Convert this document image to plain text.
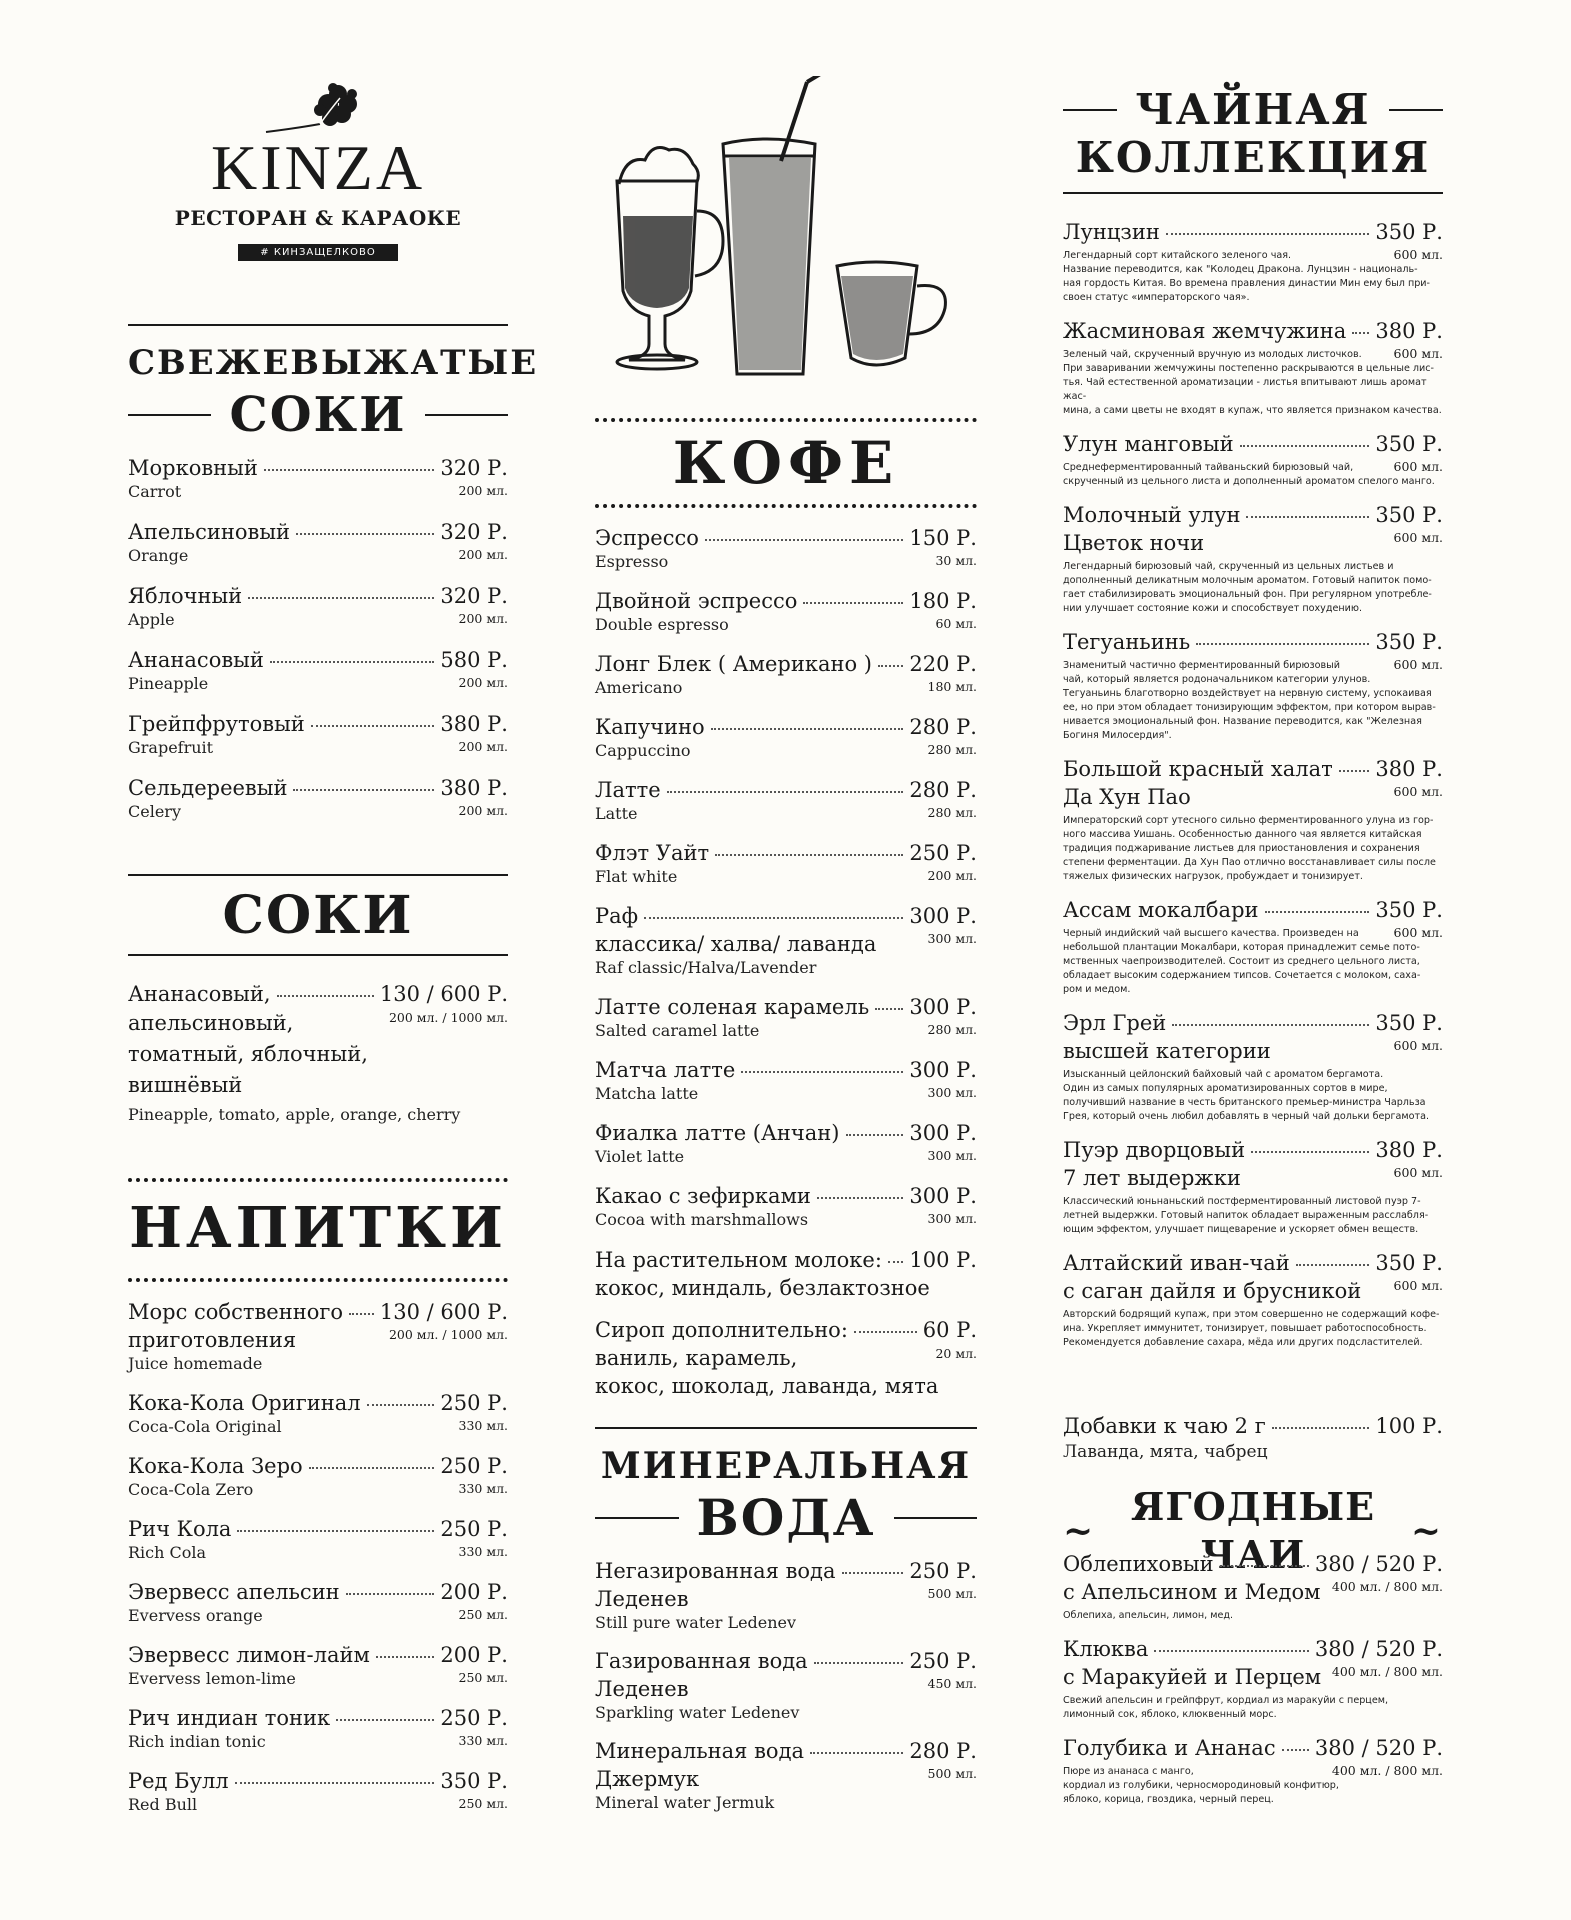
KINZA
РЕСТОРАН & КАРАОКЕ
# КИНЗАЩЕЛКОВО
СВЕЖЕВЫЖАТЫЕ
СОКИ
Морковный	320 Р.
200 мл.
Carrot
Апельсиновый	320 Р.
200 мл.
Orange
Яблочный	320 Р.
200 мл.
Apple
Ананасовый	580 Р.
200 мл.
Pineapple
Грейпфрутовый	380 Р.
200 мл.
Grapefruit
Сельдереевый	380 Р.
200 мл.
Celery
СОКИ
Ананасовый,	130 / 600 Р.
200 мл. / 1000 мл.
апельсиновый,
томатный, яблочный,
вишнёвый
Pineapple, tomato, apple, orange, cherry
НАПИТКИ
Морс собственного 130 / 600 Р.
200 мл. / 1000 мл.
приготовления
Juice homemade
Кока-Кола Оригинал	250 Р.
330 мл.
Coca-Cola Original
Кока-Кола Зеро	250 Р.
330 мл.
Coca-Cola Zero
Рич Кола	250 Р.
330 мл.
Rich Cola
Эвервесс апельсин	200 Р.
250 мл.
Evervess orange
Эвервесс лимон-лайм	200 Р.
250 мл.
Evervess lemon-lime
Рич индиан тоник	250 Р.
330 мл.
Rich indian tonic
Ред Булл	350 Р.
250 мл.
Red Bull
КОФЕ
Эспрессо	150 Р.
30 мл.
Espresso
Двойной эспрессо	180 Р.
60 мл.
Double espresso
Лонг Блек ( Американо ) 220 Р.
180 мл.
Americano
Капучино	280 Р.
280 мл.
Cappuccino
Латте	280 Р.
280 мл.
Latte
Флэт Уайт	250 Р.
200 мл.
Flat white
Раф	300 Р.
300 мл.
классика/ халва/ лаванда
Raf classic/Halva/Lavender
Латте соленая карамель 300 Р.
280 мл.
Salted caramel latte
Матча латте	300 Р.
300 мл.
Matcha latte
Фиалка латте (Анчан)	300 Р.
300 мл.
Violet latte
Какао с зефирками	300 Р.
300 мл.
Cocoa with marshmallows
На растительном молоке: 100 Р.
кокос, миндаль, безлактозное
Сироп дополнительно:	60 Р.
20 мл.
ваниль, карамель,
кокос, шоколад, лаванда, мята
МИНЕРАЛЬНАЯ
ВОДА
Негазированная вода	250 Р.
500 мл.
Леденев
Still pure water Ledenev
Газированная вода	250 Р.
450 мл.
Леденев
Sparkling water Ledenev
Минеральная вода	280 Р.
500 мл.
Джермук
Mineral water Jermuk
ЧАЙНАЯ
КОЛЛЕКЦИЯ
Лунцзин	350 Р.
600 мл.
Легендарный сорт китайского зеленого чая.
Название переводится, как "Колодец Дракона. Лунцзин - националь-
ная гордость Китая. Во времена правления династии Мин ему был при-
своен статус «императорского чая».
Жасминовая жемчужина 380 Р.
600 мл.
Зеленый чай, скрученный вручную из молодых листочков.
При заваривании жемчужины постепенно раскрываются в цельные лис-
тья. Чай естественной ароматизации - листья впитывают лишь аромат жас-
мина, а сами цветы не входят в купаж, что является признаком качества.
Улун манговый	350 Р.
600 мл.
Среднеферментированный тайваньский бирюзовый чай,
скрученный из цельного листа и дополненный ароматом спелого манго.
Молочный улун	350 Р.
600 мл.
Цветок ночи
Легендарный бирюзовый чай, скрученный из цельных листьев и
дополненный деликатным молочным ароматом. Готовый напиток помо-
гает стабилизировать эмоциональный фон. При регулярном употребле-
нии улучшает состояние кожи и способствует похудению.
Тегуаньинь	350 Р.
600 мл.
Знаменитый частично ферментированный бирюзовый
чай, который является родоначальником категории улунов.
Тегуаньинь благотворно воздействует на нервную систему, успокаивая
ее, но при этом обладает тонизирующим эффектом, при котором вырав-
нивается эмоциональный фон. Название переводится, как "Железная
Богиня Милосердия".
Большой красный халат 380 Р.
600 мл.
Да Хун Пао
Императорский сорт утесного сильно ферментированного улуна из гор-
ного массива Уишань. Особенностью данного чая является китайская
традиция поджаривание листьев для приостановления и сохранения
степени ферментации. Да Хун Пао отлично восстанавливает силы после
тяжелых физических нагрузок, пробуждает и тонизирует.
Ассам мокалбари	350 Р.
600 мл.
Черный индийский чай высшего качества. Произведен на
небольшой плантации Мокалбари, которая принадлежит семье пото-
мственных чаепроизводителей. Состоит из среднего цельного листа,
обладает высоким содержанием типсов. Сочетается с молоком, саха-
ром и медом.
Эрл Грей	350 Р.
600 мл.
высшей категории
Изысканный цейлонский байховый чай с ароматом бергамота.
Один из самых популярных ароматизированных сортов в мире,
получивший название в честь британского премьер-министра Чарльза
Грея, который очень любил добавлять в черный чай дольки бергамота.
Пуэр дворцовый	380 Р.
600 мл.
7 лет выдержки
Классический юньнаньский постферментированный листовой пуэр 7-
летней выдержки. Готовый напиток обладает выраженным расслабля-
ющим эффектом, улучшает пищеварение и ускоряет обмен веществ.
Алтайский иван-чай	350 Р.
600 мл.
с саган дайля и брусникой
Авторский бодрящий купаж, при этом совершенно не содержащий кофе-
ина. Укрепляет иммунитет, тонизирует, повышает работоспособность.
Рекомендуется добавление сахара, мёда или других подсластителей.
Добавки к чаю 2 г	100 Р.
Лаванда, мята, чабрец
~
ЯГОДНЫЕ ЧАИ
~
Облепиховый	380 / 520 Р.
400 мл. / 800 мл.
с Апельсином и Медом
Облепиха, апельсин, лимон, мед.
Клюква	380 / 520 Р.
400 мл. / 800 мл.
с Маракуйей и Перцем
Свежий апельсин и грейпфрут, кордиал из маракуйи с перцем,
лимонный сок, яблоко, клюквенный морс.
Голубика и Ананас 380 / 520 Р.
400 мл. / 800 мл.
Пюре из ананаса с манго,
кордиал из голубики, черносмородиновый конфитюр,
яблоко, корица, гвоздика, черный перец.
